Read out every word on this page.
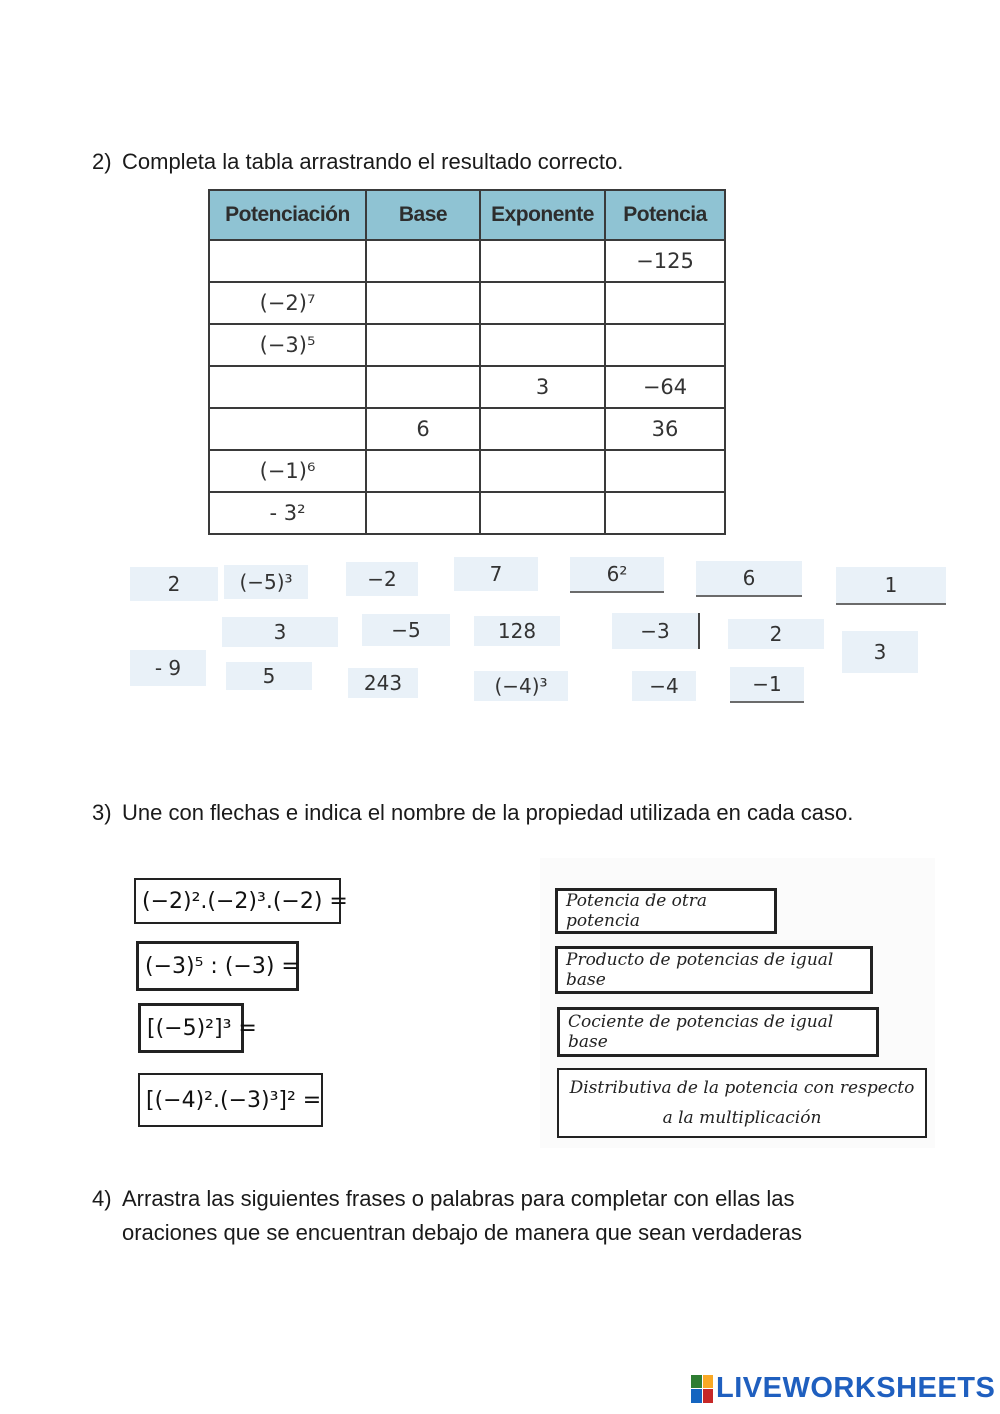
2) Completa la tabla arrastrando el resultado correcto.
Potenciación	Base	Exponente	Potencia
			−125
(−2)⁷			
(−3)⁵			
		3	−64
	6		36
(−1)⁶			
- 3²			
2	(−5)³	−2	7	6²	6	1
3	−5	128	−3	2
3
- 9	5	243	(−4)³	−4	−1
3) Une con flechas e indica el nombre de la propiedad utilizada en cada caso.
(−2)².(−2)³.(−2) =
(−3)⁵ : (−3) =
[(−5)²]³ =
[(−4)².(−3)³]² =
Potencia de otra potencia
Producto de potencias de igual base
Cociente de potencias de igual base
Distributiva de la potencia con respecto
a la multiplicación
4) Arrastra las siguientes frases o palabras para completar con ellas las
oraciones que se encuentran debajo de manera que sean verdaderas
LIVEWORKSHEETS
